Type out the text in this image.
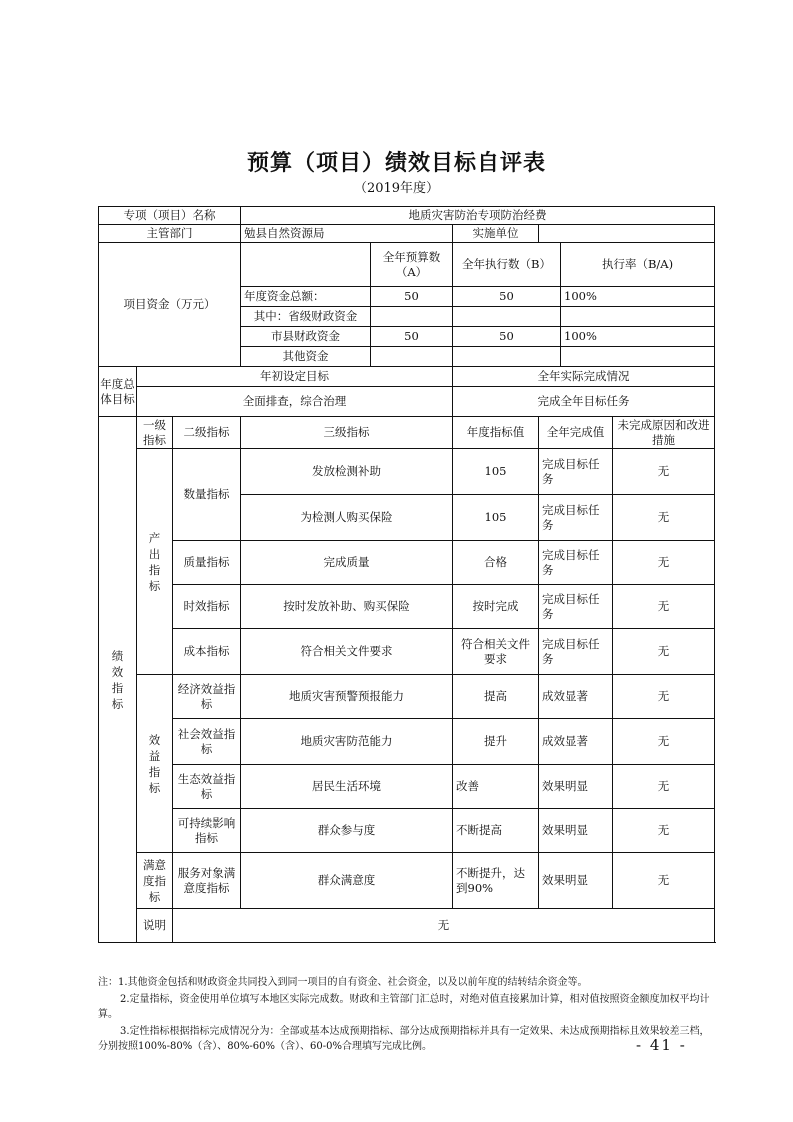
预算（项目）绩效目标自评表
（2019年度）
专项（项目）名称			地质灾害防治专项防治经费					
主管部门			勉县自然资源局		实施单位			
项目资金（万元）				全年预算数（A）	全年执行数（B）		执行率（B/A)	
			年度资金总额：	50	50		100%	
			其中：省级财政资金					
			市县财政资金	50	50		100%	
			其他资金					
年度总体目标	年初设定目标				全年实际完成情况			
	全面排查，综合治理				完成全年目标任务			
绩效指标	一级指标	二级指标	三级指标		年度指标值	全年完成值		未完成原因和改进措施
	产出指标	数量指标	发放检测补助		105	完成目标任务		无
			为检测人购买保险		105	完成目标任务		无
		质量指标	完成质量		合格	完成目标任务		无
		时效指标	按时发放补助、购买保险		按时完成	完成目标任务		无
		成本指标	符合相关文件要求		符合相关文件要求	完成目标任务		无
	效益指标	经济效益指标	地质灾害预警预报能力		提高	成效显著		无
		社会效益指标	地质灾害防范能力		提升	成效显著		无
		生态效益指标	居民生活环境		改善	效果明显		无
		可持续影响指标	群众参与度		不断提高	效果明显		无
	满意度指标	服务对象满意度指标	群众满意度		不断提升，达到90%	效果明显		无
	说明	无						

注：1.其他资金包括和财政资金共同投入到同一项目的自有资金、社会资金，以及以前年度的结转结余资金等。

2.定量指标，资金使用单位填写本地区实际完成数。财政和主管部门汇总时，对绝对值直接累加计算，相对值按照资金额度加权平均计算。

3.定性指标根据指标完成情况分为：全部或基本达成预期指标、部分达成预期指标并具有一定效果、未达成预期指标且效果较差三档，分别按照100%-80%（含）、80%-60%（含）、60-0%合理填写完成比例。	- 41 -
